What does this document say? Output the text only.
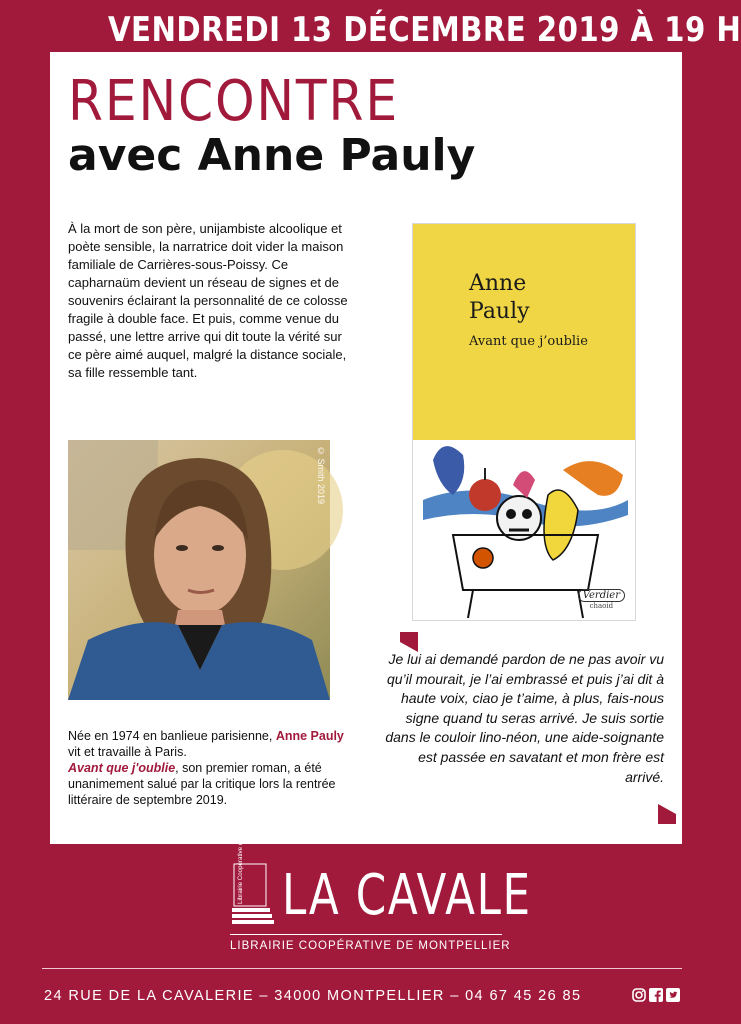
VENDREDI 13 DÉCEMBRE 2019 À 19 H
RENCONTRE
avec Anne Pauly
À la mort de son père, unijambiste alcoolique et poète sensible, la narratrice doit vider la maison familiale de Carrières-sous-Poissy. Ce capharnaüm devient un réseau de signes et de souvenirs éclairant la personnalité de ce colosse fragile à double face. Et puis, comme venue du passé, une lettre arrive qui dit toute la vérité sur ce père aimé auquel, malgré la distance sociale, sa fille ressemble tant.
© Smith 2019
Née en 1974 en banlieue parisienne, Anne Pauly vit et travaille à Paris.
Avant que j'oublie, son premier roman, a été unanimement salué par la critique lors la rentrée littéraire de septembre 2019.
Anne
Pauly
Avant que j’oublie
Verdier
chaoid
Je lui ai demandé pardon de ne pas avoir vu qu’il mourait, je l’ai embrassé et puis j’ai dit à haute voix, ciao je t’aime, à plus, fais-nous signe quand tu seras arrivé. Je suis sortie dans le couloir lino-néon, une aide-soignante est passée en savatant et mon frère est arrivé.
Librairie Coopérative de Montpellier LA CAVALE
LIBRAIRIE COOPÉRATIVE DE MONTPELLIER
24 RUE DE LA CAVALERIE – 34000 MONTPELLIER – 04 67 45 26 85
